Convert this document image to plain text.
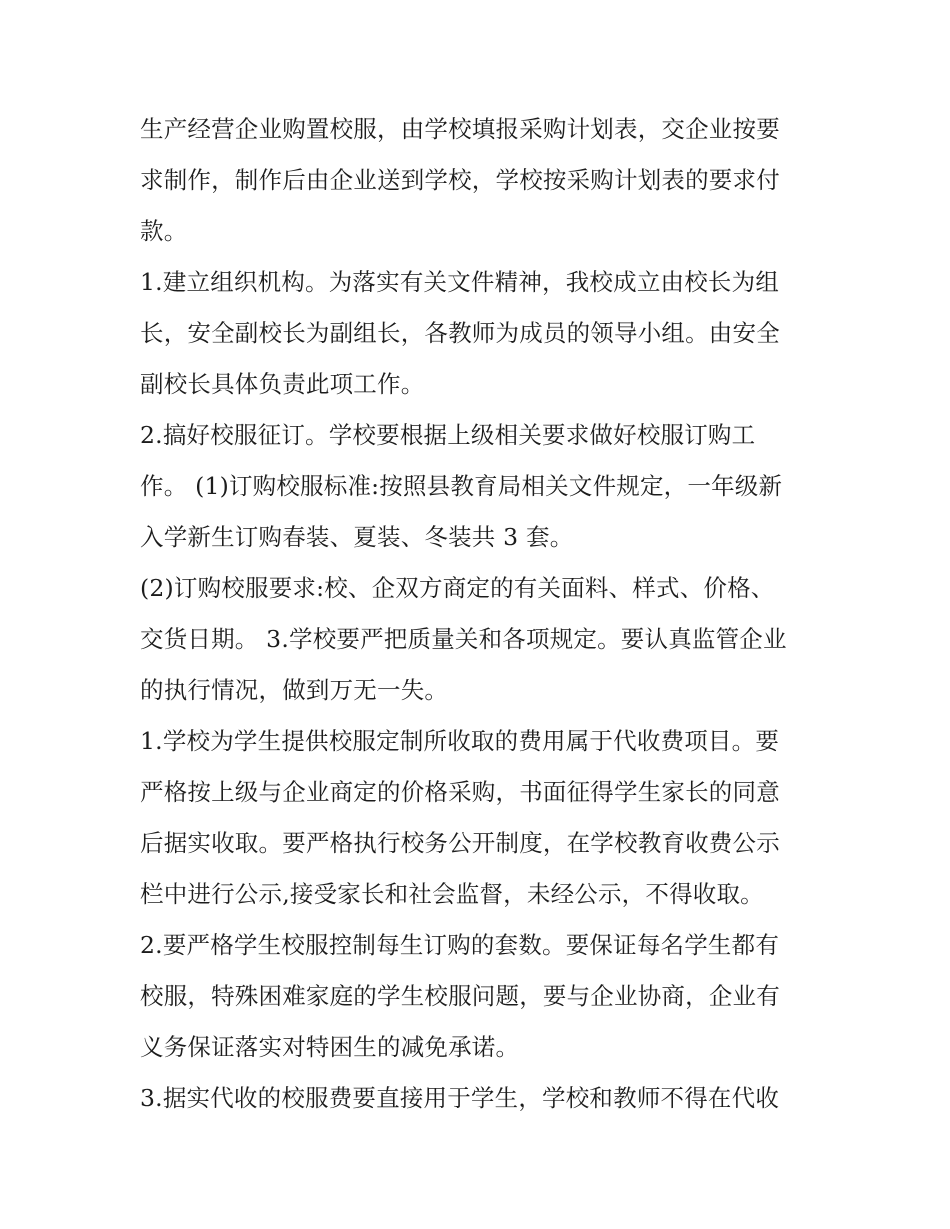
生产经营企业购置校服，由学校填报采购计划表，交企业按要
求制作，制作后由企业送到学校，学校按采购计划表的要求付
款。
1.建立组织机构。为落实有关文件精神，我校成立由校长为组
长，安全副校长为副组长，各教师为成员的领导小组。由安全
副校长具体负责此项工作。
2.搞好校服征订。学校要根据上级相关要求做好校服订购工
作。 (1)订购校服标准:按照县教育局相关文件规定，一年级新
入学新生订购春装、夏装、冬装共 3 套。
(2)订购校服要求:校、企双方商定的有关面料、样式、价格、
交货日期。 3.学校要严把质量关和各项规定。要认真监管企业
的执行情况，做到万无一失。
1.学校为学生提供校服定制所收取的费用属于代收费项目。要
严格按上级与企业商定的价格采购，书面征得学生家长的同意
后据实收取。要严格执行校务公开制度，在学校教育收费公示
栏中进行公示,接受家长和社会监督，未经公示，不得收取。
2.要严格学生校服控制每生订购的套数。要保证每名学生都有
校服，特殊困难家庭的学生校服问题，要与企业协商，企业有
义务保证落实对特困生的减免承诺。
3.据实代收的校服费要直接用于学生，学校和教师不得在代收
